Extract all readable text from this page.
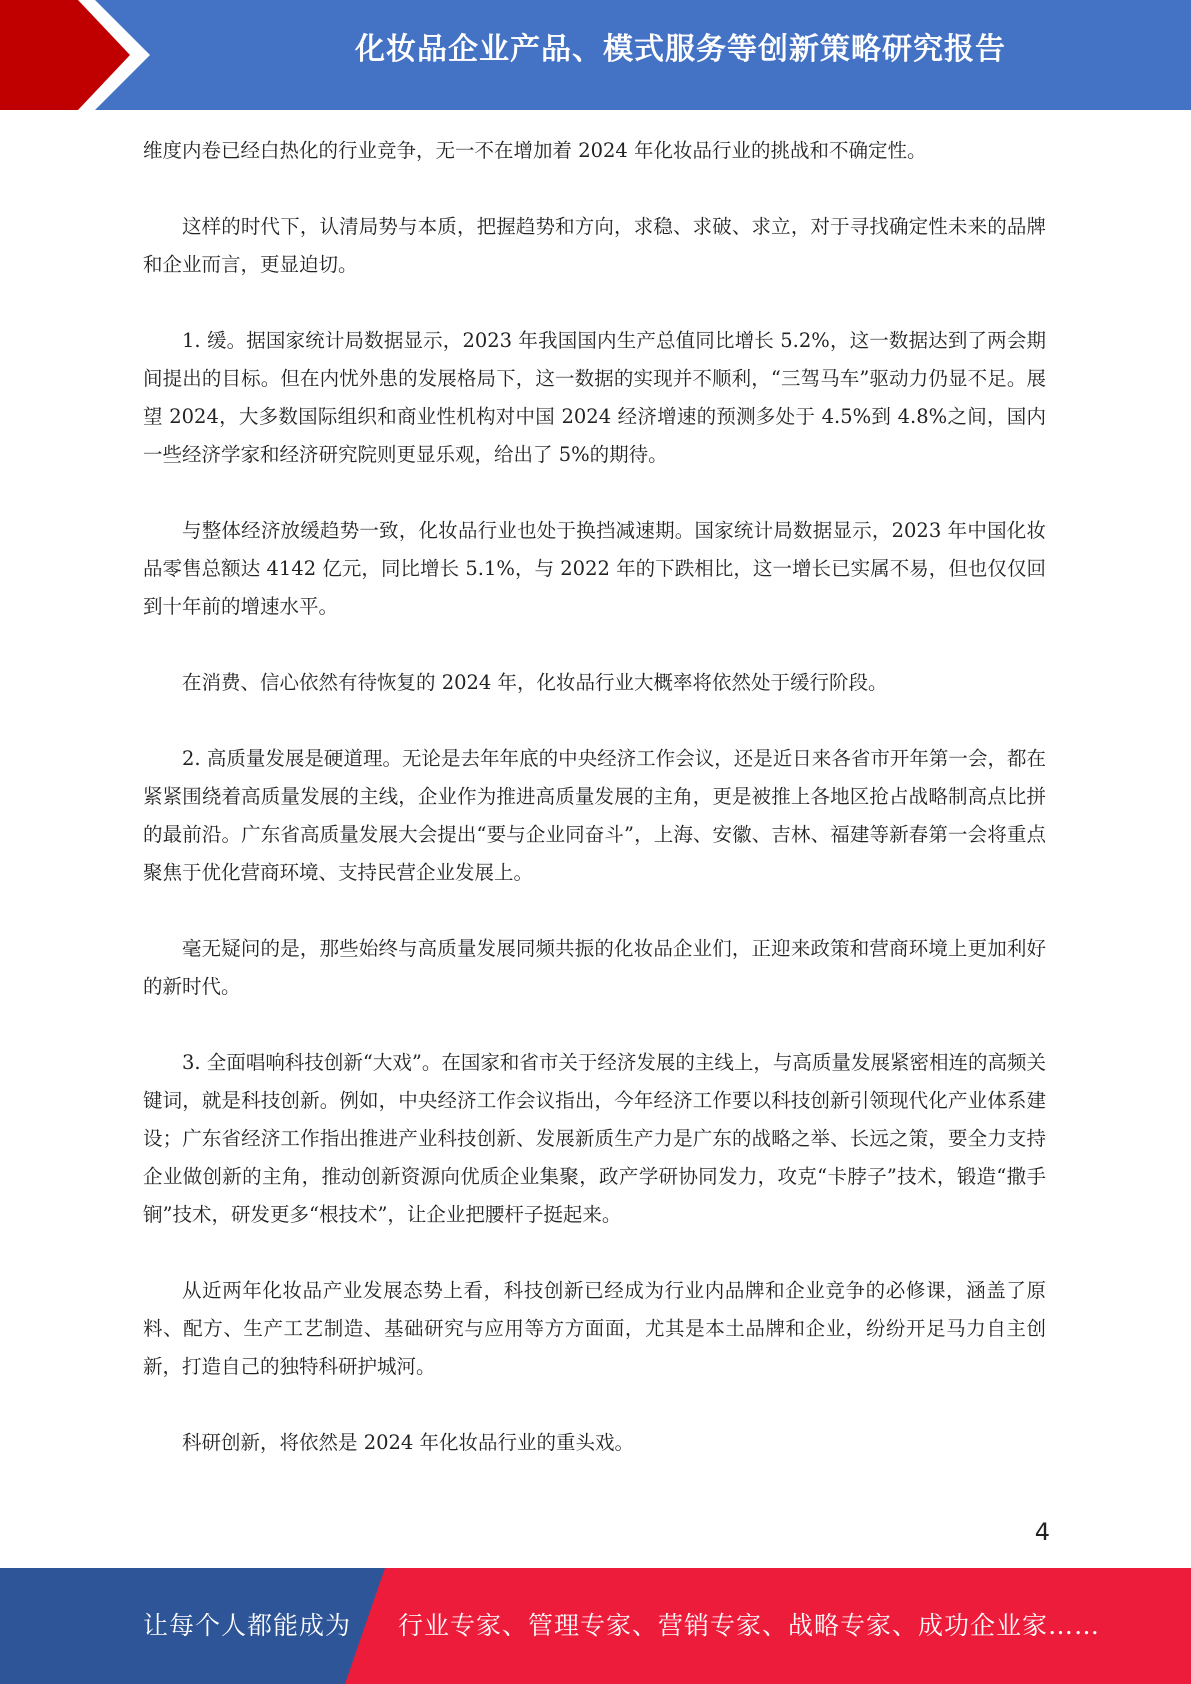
化妆品企业产品、模式服务等创新策略研究报告

维度内卷已经白热化的行业竞争，无一不在增加着 2024 年化妆品行业的挑战和不确定性。

这样的时代下，认清局势与本质，把握趋势和方向，求稳、求破、求立，对于寻找确定性未来的品牌和企业而言，更显迫切。

1. 缓。据国家统计局数据显示，2023 年我国国内生产总值同比增长 5.2%，这一数据达到了两会期间提出的目标。但在内忧外患的发展格局下，这一数据的实现并不顺利，“三驾马车”驱动力仍显不足。展望 2024，大多数国际组织和商业性机构对中国 2024 经济增速的预测多处于 4.5%到 4.8%之间，国内一些经济学家和经济研究院则更显乐观，给出了 5%的期待。

与整体经济放缓趋势一致，化妆品行业也处于换挡减速期。国家统计局数据显示，2023 年中国化妆品零售总额达 4142 亿元，同比增长 5.1%，与 2022 年的下跌相比，这一增长已实属不易，但也仅仅回到十年前的增速水平。

在消费、信心依然有待恢复的 2024 年，化妆品行业大概率将依然处于缓行阶段。

2. 高质量发展是硬道理。无论是去年年底的中央经济工作会议，还是近日来各省市开年第一会，都在紧紧围绕着高质量发展的主线，企业作为推进高质量发展的主角，更是被推上各地区抢占战略制高点比拼的最前沿。广东省高质量发展大会提出“要与企业同奋斗”，上海、安徽、吉林、福建等新春第一会将重点聚焦于优化营商环境、支持民营企业发展上。

毫无疑问的是，那些始终与高质量发展同频共振的化妆品企业们，正迎来政策和营商环境上更加利好的新时代。

3. 全面唱响科技创新“大戏”。在国家和省市关于经济发展的主线上，与高质量发展紧密相连的高频关键词，就是科技创新。例如，中央经济工作会议指出，今年经济工作要以科技创新引领现代化产业体系建设；广东省经济工作指出推进产业科技创新、发展新质生产力是广东的战略之举、长远之策，要全力支持企业做创新的主角，推动创新资源向优质企业集聚，政产学研协同发力，攻克“卡脖子”技术，锻造“撒手锏”技术，研发更多“根技术”，让企业把腰杆子挺起来。

从近两年化妆品产业发展态势上看，科技创新已经成为行业内品牌和企业竞争的必修课，涵盖了原料、配方、生产工艺制造、基础研究与应用等方方面面，尤其是本土品牌和企业，纷纷开足马力自主创新，打造自己的独特科研护城河。

科研创新，将依然是 2024 年化妆品行业的重头戏。

4
让每个人都能成为 行业专家、管理专家、营销专家、战略专家、成功企业家……
